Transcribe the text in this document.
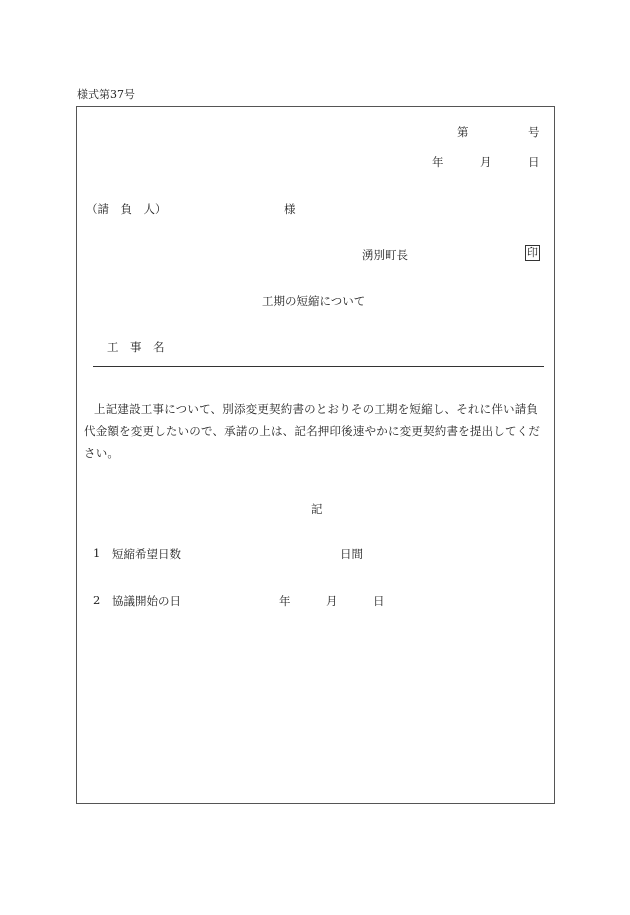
様式第37号
第	号
年	月	日
（請　負　人）	様
湧別町長	印
工期の短縮について
工　事　名
上記建設工事について、別添変更契約書のとおりその工期を短縮し、それに伴い請負
代金額を変更したいので、承諾の上は、記名押印後速やかに変更契約書を提出してくだ
さい。
記
1 短縮希望日数	日間
2 協議開始の日	年	月	日
